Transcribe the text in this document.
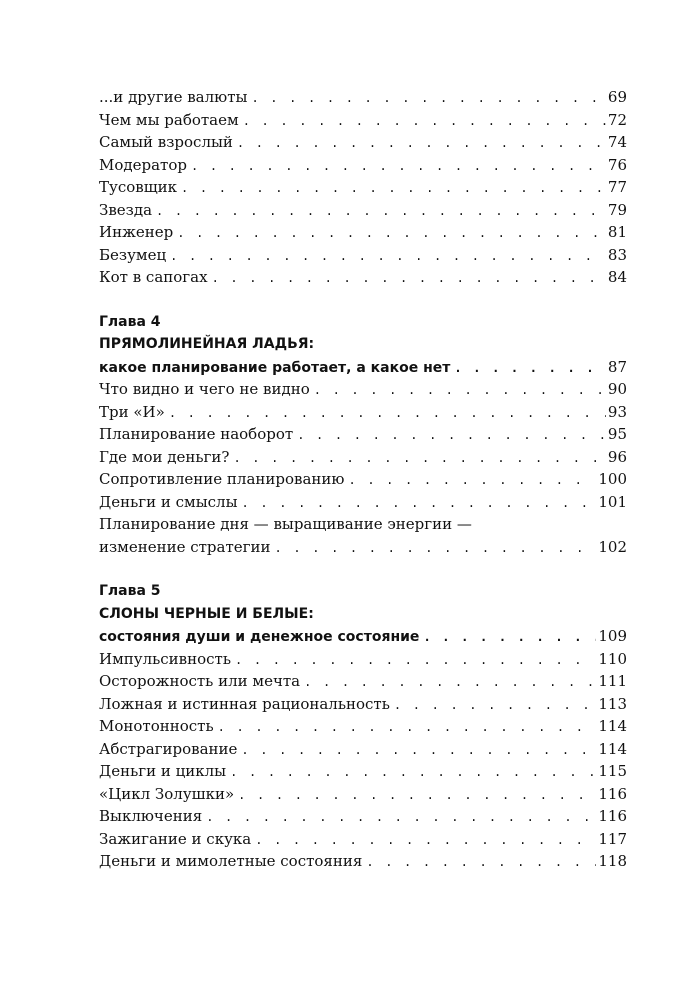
...и другие валюты . . .	69
Чем мы работаем . . .	72
Самый взрослый . . .	74
Модератор . . .	76
Тусовщик . . .	77
Звезда . . .	79
Инженер . . .	81
Безумец . . .	83
Кот в сапогах . . .	84
Глава 4
ПРЯМОЛИНЕЙНАЯ ЛАДЬЯ:
какое планирование работает, а какое нет . . .	87
Что видно и чего не видно . . .	90
Три «И» . . .	93
Планирование наоборот . . .	95
Где мои деньги? . . .	96
Сопротивление планированию . . .	100
Деньги и смыслы . . .	101
Планирование дня — выращивание энергии —
изменение стратегии . . .	102
Глава 5
СЛОНЫ ЧЕРНЫЕ И БЕЛЫЕ:
состояния души и денежное состояние . . .	109
Импульсивность . . .	110
Осторожность или мечта . . .	111
Ложная и истинная рациональность . . .	113
Монотонность . . .	114
Абстрагирование . . .	114
Деньги и циклы . . .	115
«Цикл Золушки» . . .	116
Выключения . . .	116
Зажигание и скука . . .	117
Деньги и мимолетные состояния . . .	118
